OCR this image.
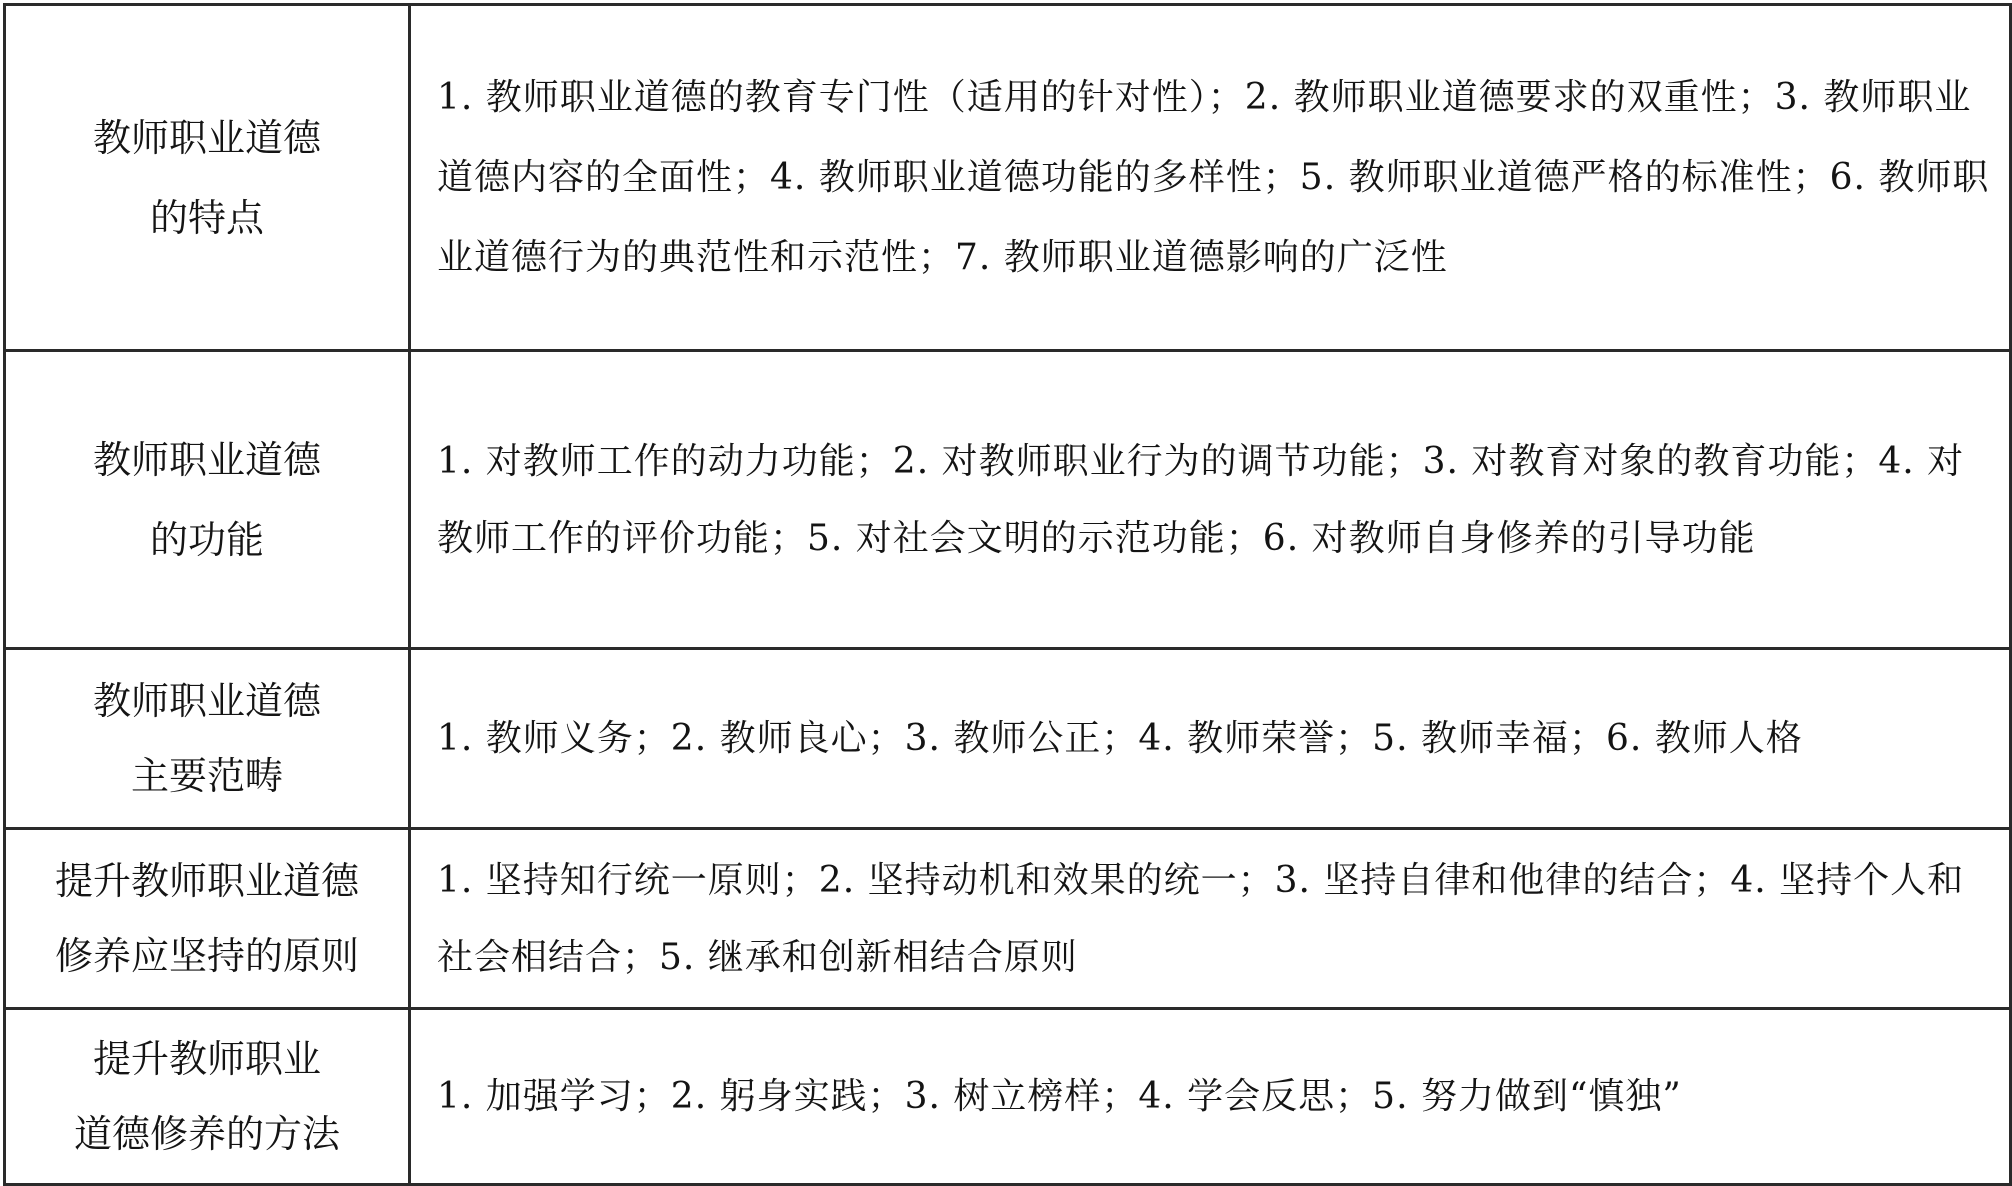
教师职业道德
的特点	1. 教师职业道德的教育专门性（适用的针对性）；2. 教师职业道德要求的双重性；3. 教师职业道德内容的全面性；4. 教师职业道德功能的多样性；5. 教师职业道德严格的标准性；6. 教师职业道德行为的典范性和示范性；7. 教师职业道德影响的广泛性

教师职业道德
的功能	1. 对教师工作的动力功能；2. 对教师职业行为的调节功能；3. 对教育对象的教育功能；4. 对教师工作的评价功能；5. 对社会文明的示范功能；6. 对教师自身修养的引导功能

教师职业道德
主要范畴	1. 教师义务；2. 教师良心；3. 教师公正；4. 教师荣誉；5. 教师幸福；6. 教师人格

提升教师职业道德
修养应坚持的原则	1. 坚持知行统一原则；2. 坚持动机和效果的统一；3. 坚持自律和他律的结合；4. 坚持个人和社会相结合；5. 继承和创新相结合原则

提升教师职业
道德修养的方法	1. 加强学习；2. 躬身实践；3. 树立榜样；4. 学会反思；5. 努力做到“慎独”
